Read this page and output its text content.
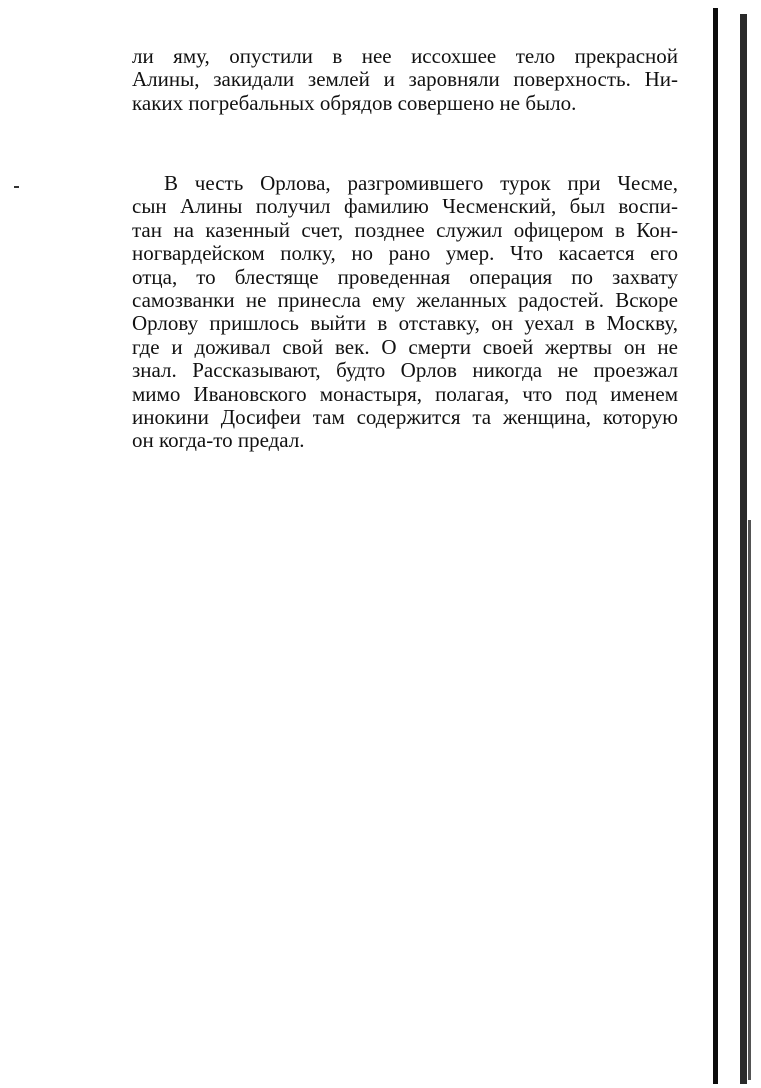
ли яму, опустили в нее иссохшее тело прекрасной
Алины, закидали землей и заровняли поверхность. Ни-
каких погребальных обрядов совершено не было.
В честь Орлова, разгромившего турок при Чесме,
сын Алины получил фамилию Чесменский, был воспи-
тан на казенный счет, позднее служил офицером в Кон-
ногвардейском полку, но рано умер. Что касается его
отца, то блестяще проведенная операция по захвату
самозванки не принесла ему желанных радостей. Вскоре
Орлову пришлось выйти в отставку, он уехал в Москву,
где и доживал свой век. О смерти своей жертвы он не
знал. Рассказывают, будто Орлов никогда не проезжал
мимо Ивановского монастыря, полагая, что под именем
инокини Досифеи там содержится та женщина, которую
он когда-то предал.
